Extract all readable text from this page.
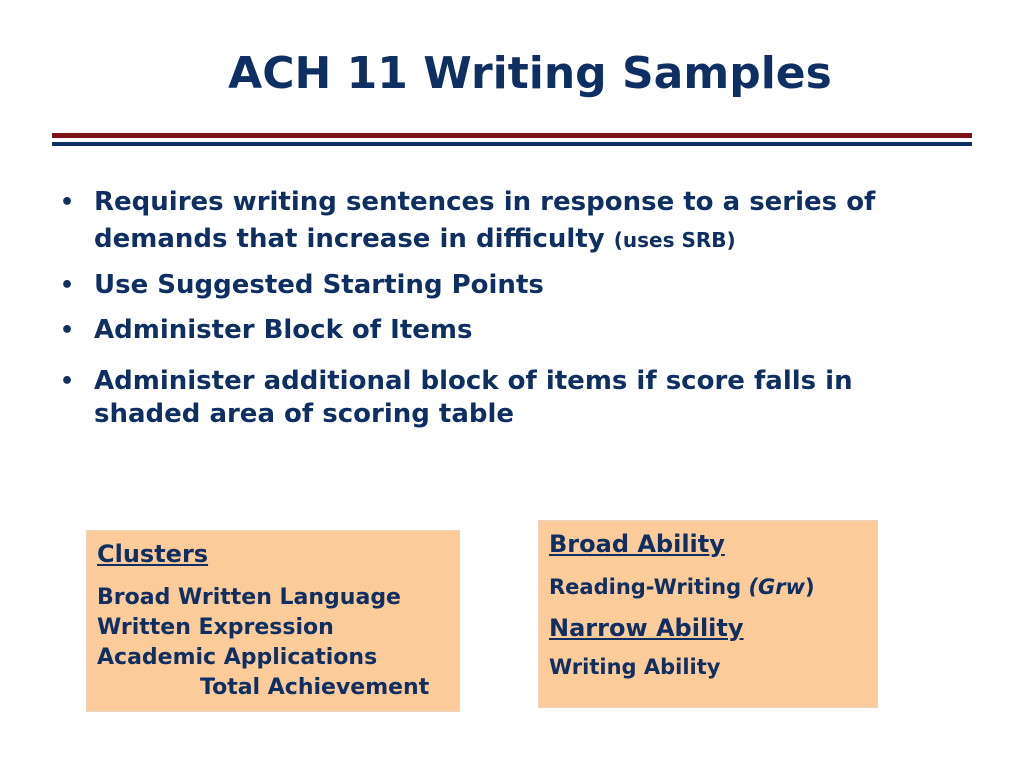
ACH 11 Writing Samples
• Requires writing sentences in response to a series of demands that increase in difficulty (uses SRB)
• Use Suggested Starting Points
• Administer Block of Items
• Administer additional block of items if score falls in shaded area of scoring table
Clusters
Broad Written Language
Written Expression
Academic Applications
Total Achievement
Broad Ability
Reading-Writing (Grw)
Narrow Ability
Writing Ability
